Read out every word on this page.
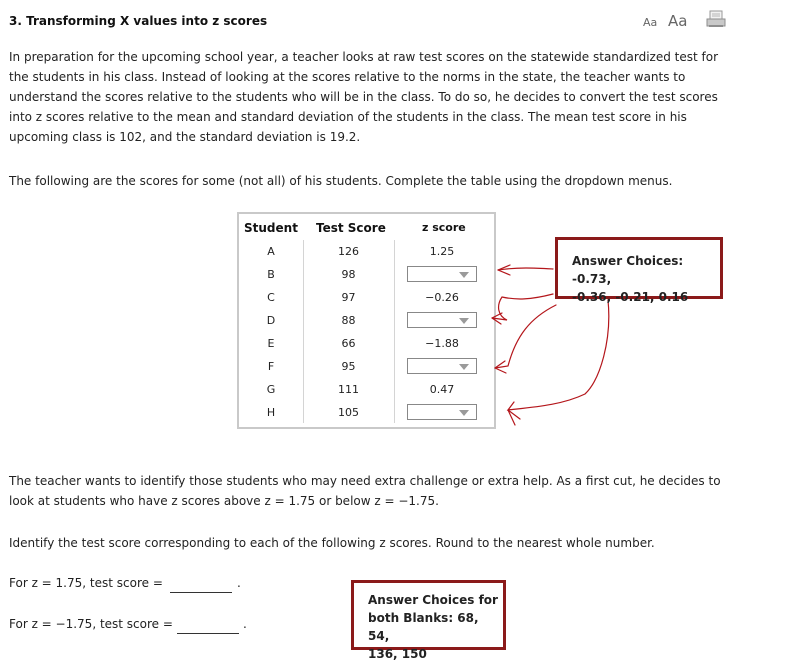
3. Transforming X values into z scores	Aa Aa

In preparation for the upcoming school year, a teacher looks at raw test scores on the statewide standardized test for the students in his class. Instead of looking at the scores relative to the norms in the state, the teacher wants to understand the scores relative to the students who will be in the class. To do so, he decides to convert the test scores into z scores relative to the mean and standard deviation of the students in the class. The mean test score in his upcoming class is 102, and the standard deviation is 19.2.

The following are the scores for some (not all) of his students. Complete the table using the dropdown menus.

Student Test Score	z score
A	126	1.25
B	98
C	97	−0.26
D	88
E	66	−1.88
F	95
G	111	0.47
H	105
Answer Choices: -0.73,
-0.36, -0.21, 0.16

The teacher wants to identify those students who may need extra challenge or extra help. As a first cut, he decides to look at students who have z scores above z = 1.75 or below z = −1.75.

Identify the test score corresponding to each of the following z scores. Round to the nearest whole number.

For z = 1.75, test score =	.
For z = −1.75, test score =	.
Answer Choices for
both Blanks: 68, 54,
136, 150
